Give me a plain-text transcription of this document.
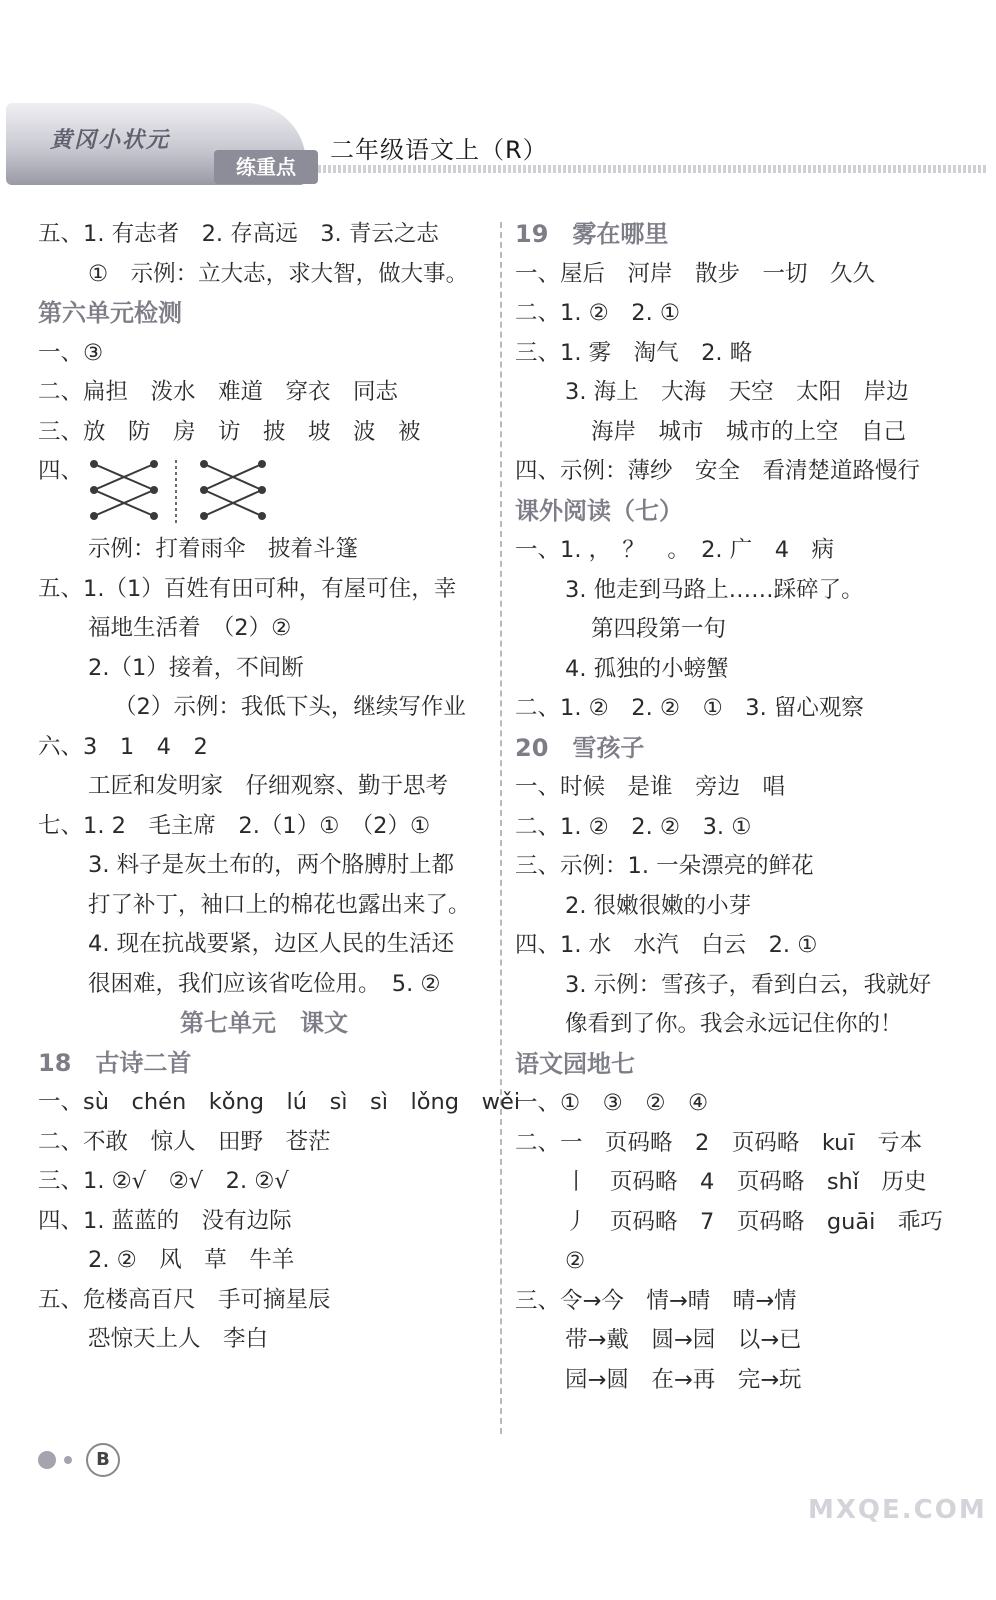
黄冈小状元
练重点
二年级语文上（R）
五、1. 有志者　2. 存高远　3. 青云之志
①　示例：立大志，求大智，做大事。
第六单元检测
一、③
二、扁担　泼水　难道　穿衣　同志
三、放　防　房　访　披　坡　波　被
四、
示例：打着雨伞　披着斗篷
五、1.（1）百姓有田可种，有屋可住，幸
福地生活着　（2）②
2.（1）接着，不间断
（2）示例：我低下头，继续写作业
六、3　1　4　2
工匠和发明家　仔细观察、勤于思考
七、1. 2　毛主席　2.（1）①　（2）①
3. 料子是灰土布的，两个胳膊肘上都
打了补丁，袖口上的棉花也露出来了。
4. 现在抗战要紧，边区人民的生活还
很困难，我们应该省吃俭用。　5. ②
第七单元　课文
18　古诗二首
一、sù　chén　kǒng　lú　sì　sì　lǒng　wěi
二、不敢　惊人　田野　苍茫
三、1. ②√　②√　2. ②√
四、1. 蓝蓝的　没有边际
2. ②　风　草　牛羊
五、危楼高百尺　手可摘星辰
恐惊天上人　李白
19　雾在哪里
一、屋后　河岸　散步　一切　久久
二、1. ②　2. ①
三、1. 雾　淘气　2. 略
3. 海上　大海　天空　太阳　岸边
海岸　城市　城市的上空　自己
四、示例：薄纱　安全　看清楚道路慢行
课外阅读（七）
一、1. ，　？　。　2. 广　4　病
3. 他走到马路上……踩碎了。
第四段第一句
4. 孤独的小螃蟹
二、1. ②　2. ②　①　3. 留心观察
20　雪孩子
一、时候　是谁　旁边　唱
二、1. ②　2. ②　3. ①
三、示例：1. 一朵漂亮的鲜花
2. 很嫩很嫩的小芽
四、1. 水　水汽　白云　2. ①
3. 示例：雪孩子，看到白云，我就好
像看到了你。我会永远记住你的！
语文园地七
一、①　③　②　④
二、一　页码略　2　页码略　kuī　亏本
丨　页码略　4　页码略　shǐ　历史
丿　页码略　7　页码略　guāi　乖巧
②
三、令→今　情→晴　晴→情
带→戴　圆→园　以→已
园→圆　在→再　完→玩
B
MXQE.COM
